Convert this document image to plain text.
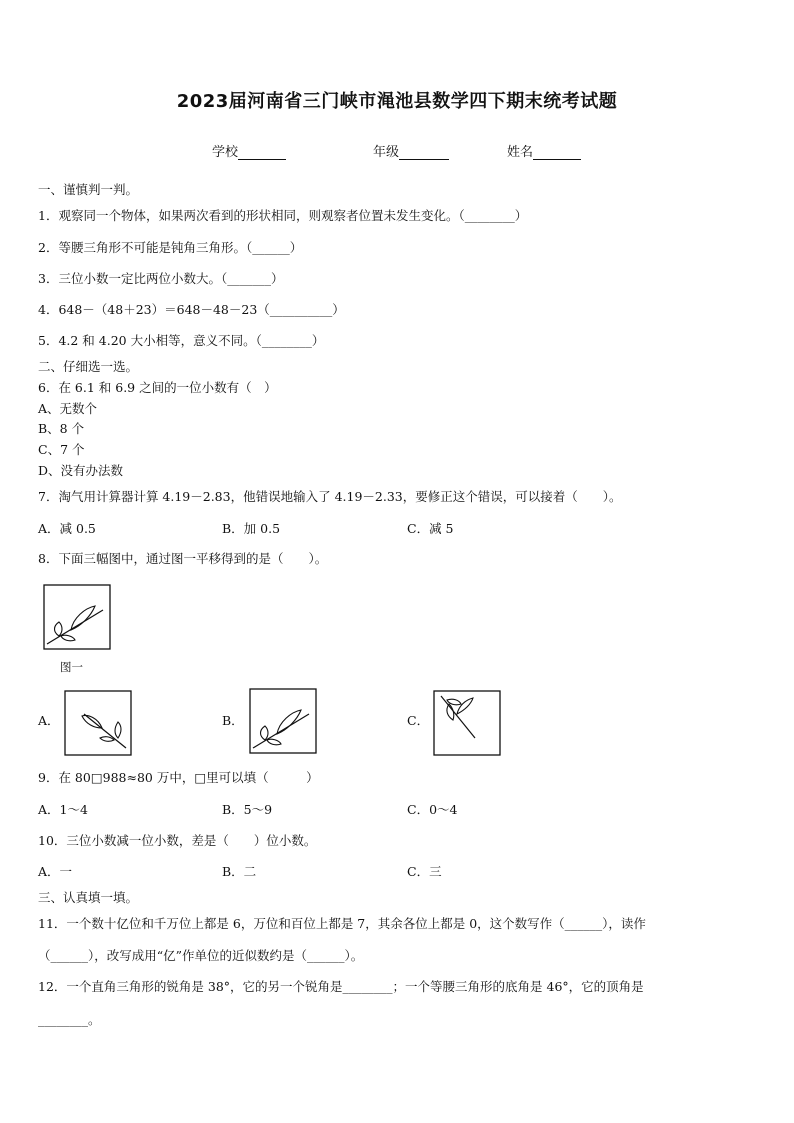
2023届河南省三门峡市渑池县数学四下期末统考试题
学校	年级	姓名
一、谨慎判一判。
1．观察同一个物体，如果两次看到的形状相同，则观察者位置未发生变化。（________）
2．等腰三角形不可能是钝角三角形。（______）
3．三位小数一定比两位小数大。（_______）
4．648－（48＋23）＝648－48－23（__________）
5．4.2 和 4.20 大小相等，意义不同。（________）
二、仔细选一选。
6．在 6.1 和 6.9 之间的一位小数有（　）
A、无数个
B、8 个
C、7 个
D、没有办法数
7．淘气用计算器计算 4.19－2.83，他错误地输入了 4.19－2.33，要修正这个错误，可以接着（　　）。
A．减 0.5	B．加 0.5	C．减 5
8．下面三幅图中，通过图一平移得到的是（　　）。
图一
A．	B．	C．
9．在 80□988≈80 万中，□里可以填（　　　）
A．1～4	B．5～9	C．0～4
10．三位小数减一位小数，差是（　　）位小数。
A．一	B．二	C．三
三、认真填一填。
11．一个数十亿位和千万位上都是 6，万位和百位上都是 7，其余各位上都是 0，这个数写作（______），读作
（______），改写成用“亿”作单位的近似数约是（______）。
12．一个直角三角形的锐角是 38°，它的另一个锐角是________；一个等腰三角形的底角是 46°，它的顶角是
________。
